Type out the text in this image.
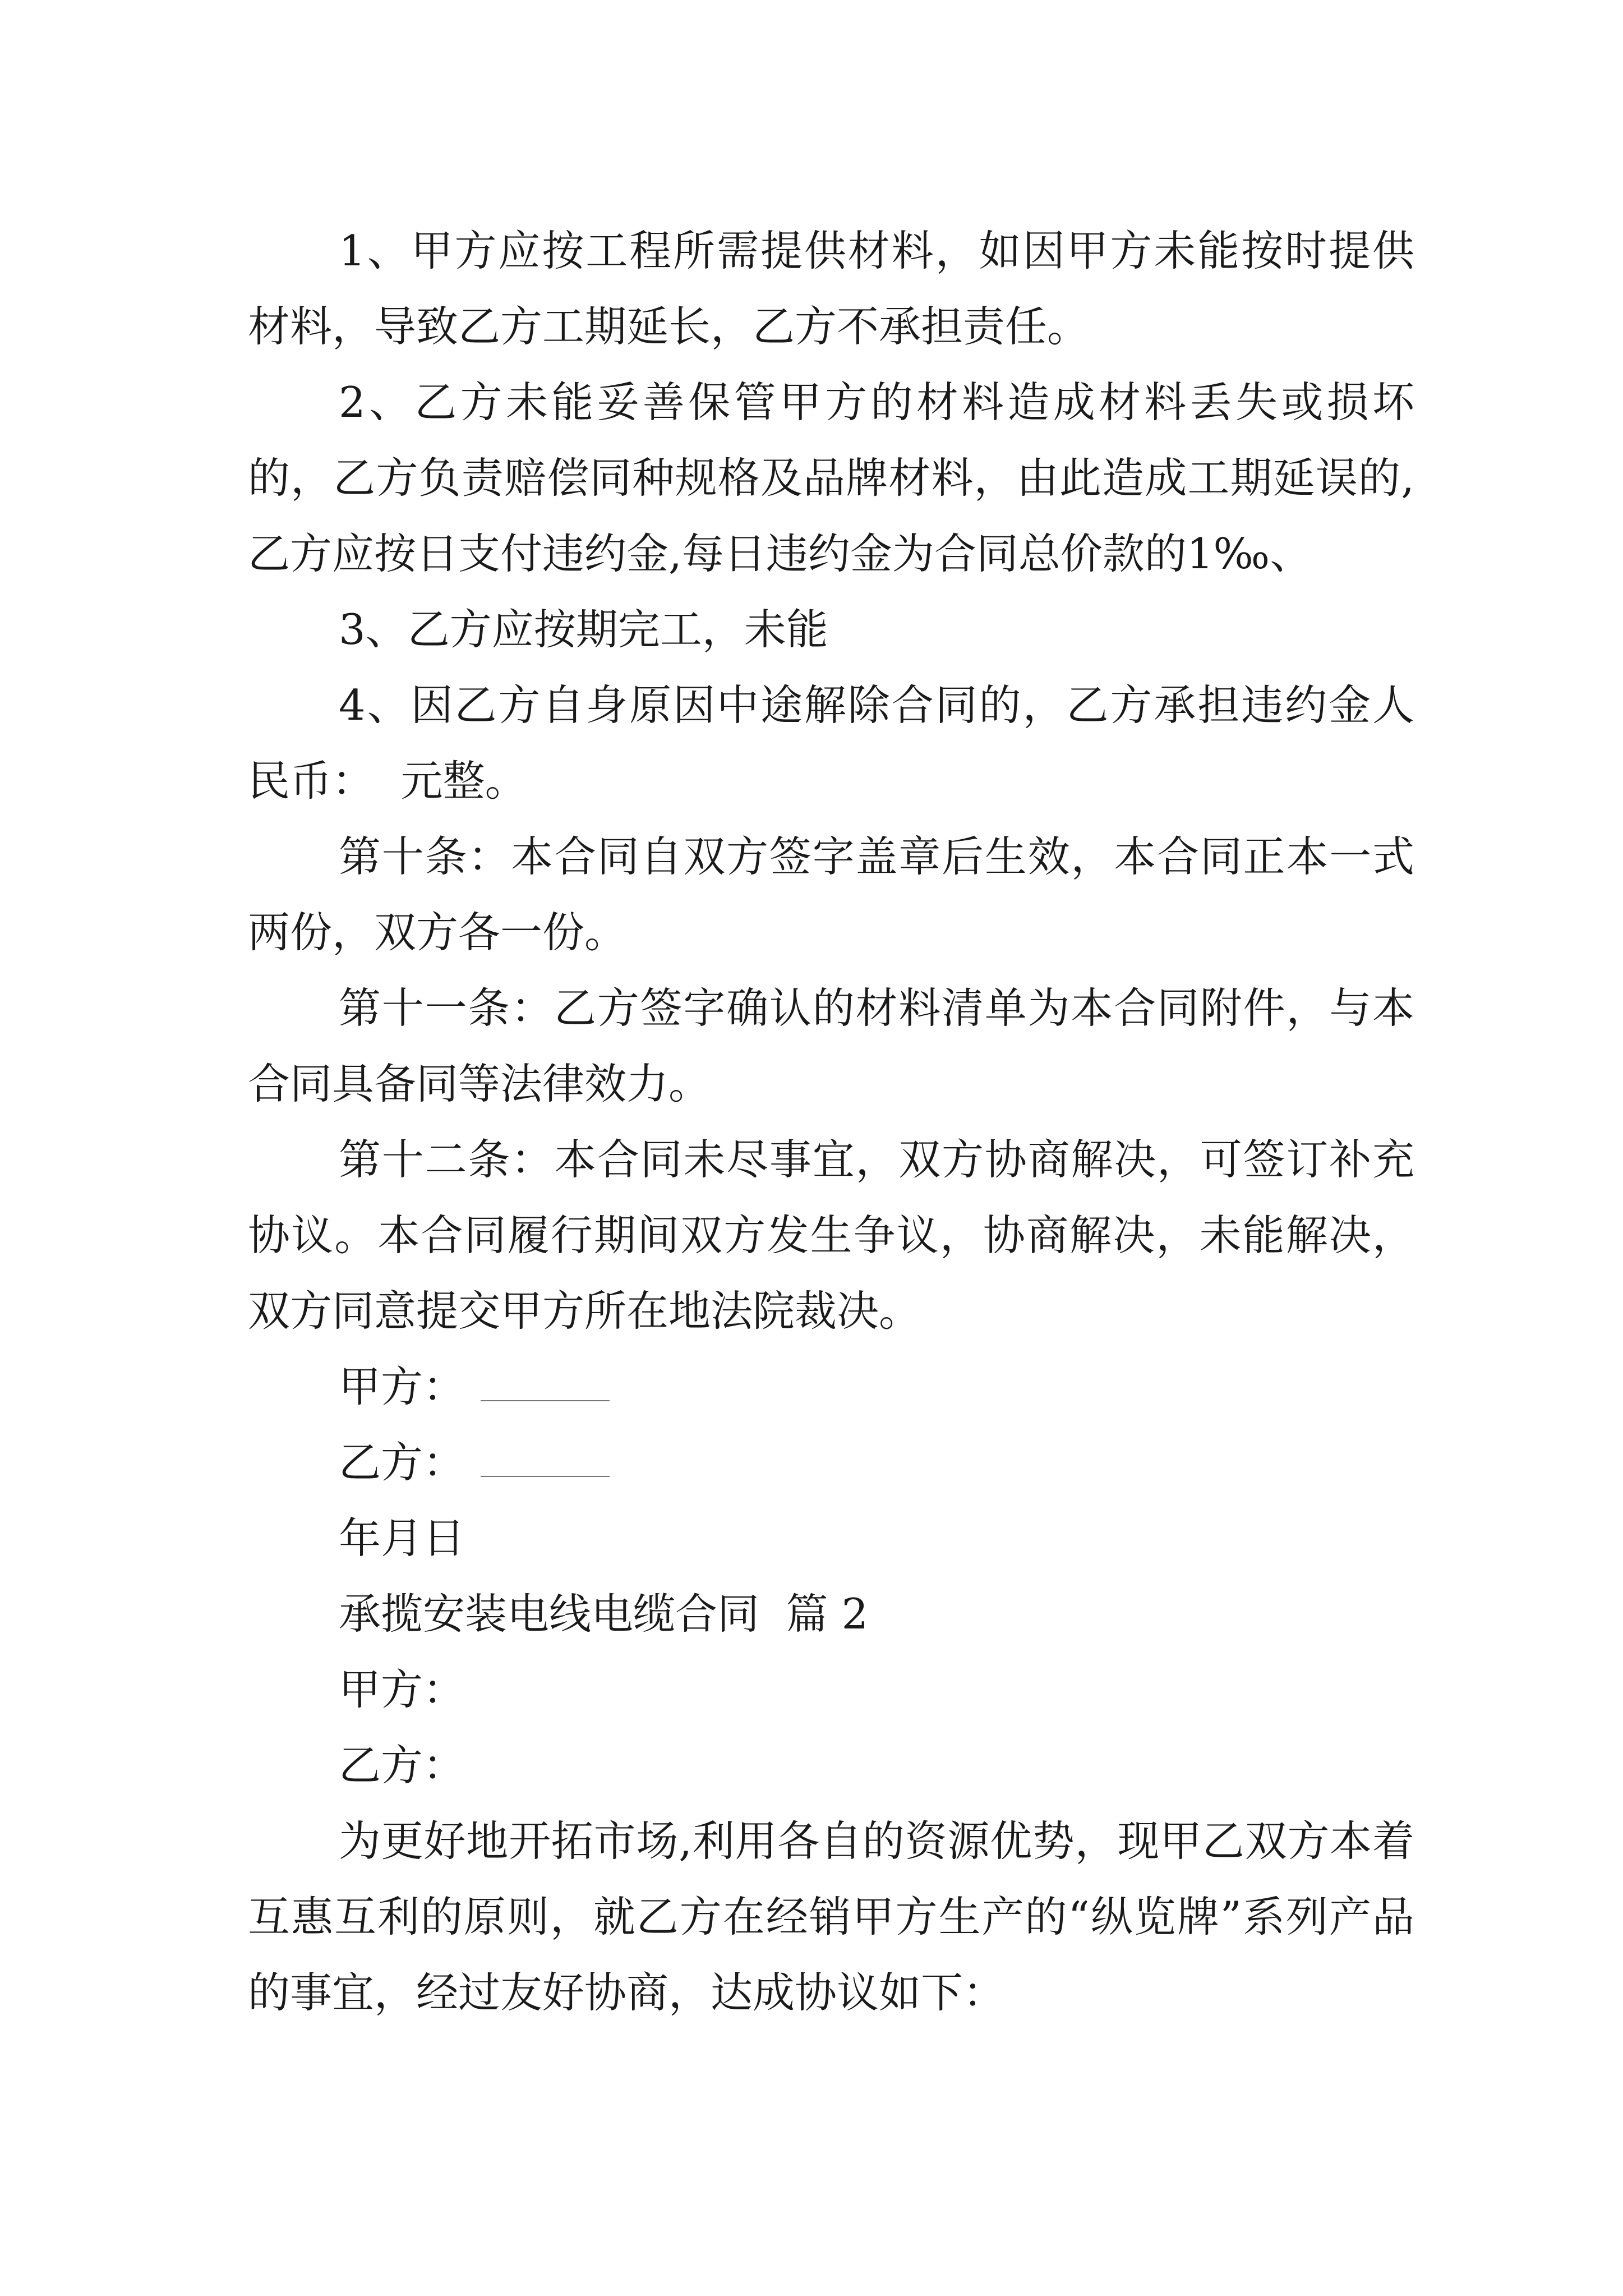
1、甲方应按工程所需提供材料，如因甲方未能按时提供材料，导致乙方工期延长，乙方不承担责任。

2、乙方未能妥善保管甲方的材料造成材料丢失或损坏的，乙方负责赔偿同种规格及品牌材料，由此造成工期延误的,乙方应按日支付违约金,每日违约金为合同总价款的1‰、

3、乙方应按期完工，未能

4、因乙方自身原因中途解除合同的，乙方承担违约金人民币：  元整。

第十条：本合同自双方签字盖章后生效，本合同正本一式两份，双方各一份。

第十一条：乙方签字确认的材料清单为本合同附件，与本合同具备同等法律效力。

第十二条：本合同未尽事宜，双方协商解决，可签订补充协议。本合同履行期间双方发生争议，协商解决，未能解决，双方同意提交甲方所在地法院裁决。

甲方：

乙方：

年月日

承揽安装电线电缆合同  篇 2

甲方：

乙方：

为更好地开拓市场,利用各自的资源优势，现甲乙双方本着互惠互利的原则，就乙方在经销甲方生产的“纵览牌”系列产品的事宜，经过友好协商，达成协议如下：
